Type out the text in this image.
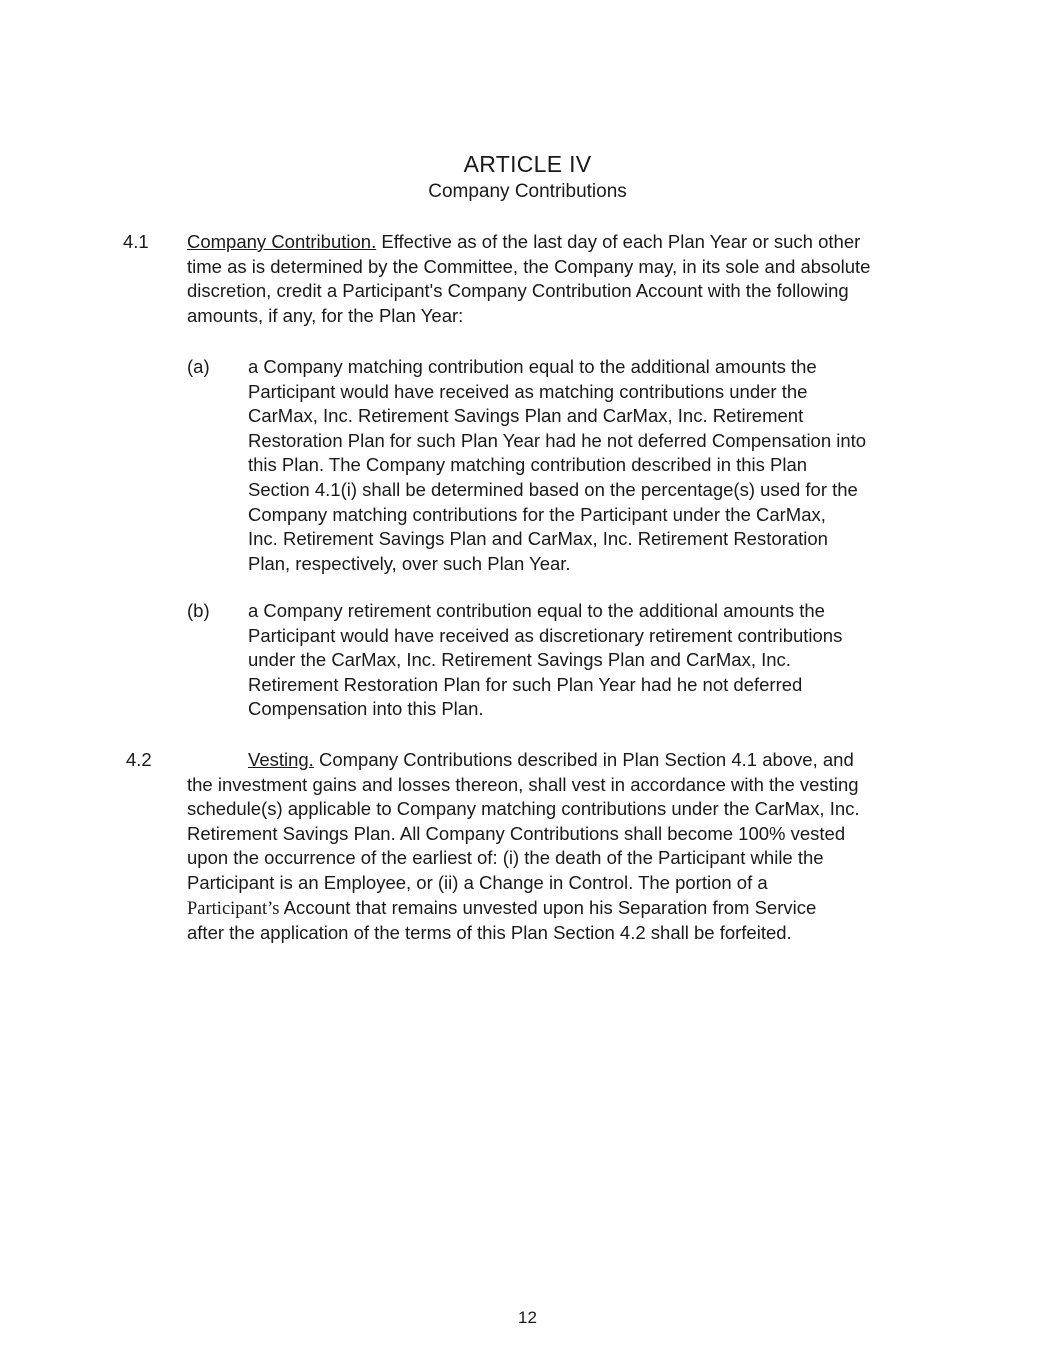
ARTICLE IV
Company Contributions
4.1 Company Contribution. Effective as of the last day of each Plan Year or such other
time as is determined by the Committee, the Company may, in its sole and absolute
discretion, credit a Participant's Company Contribution Account with the following
amounts, if any, for the Plan Year:
(a) a Company matching contribution equal to the additional amounts the
Participant would have received as matching contributions under the
CarMax, Inc. Retirement Savings Plan and CarMax, Inc. Retirement
Restoration Plan for such Plan Year had he not deferred Compensation into
this Plan. The Company matching contribution described in this Plan
Section 4.1(i) shall be determined based on the percentage(s) used for the
Company matching contributions for the Participant under the CarMax,
Inc. Retirement Savings Plan and CarMax, Inc. Retirement Restoration
Plan, respectively, over such Plan Year.
(b) a Company retirement contribution equal to the additional amounts the
Participant would have received as discretionary retirement contributions
under the CarMax, Inc. Retirement Savings Plan and CarMax, Inc.
Retirement Restoration Plan for such Plan Year had he not deferred
Compensation into this Plan.
4.2	Vesting. Company Contributions described in Plan Section 4.1 above, and
the investment gains and losses thereon, shall vest in accordance with the vesting
schedule(s) applicable to Company matching contributions under the CarMax, Inc.
Retirement Savings Plan. All Company Contributions shall become 100% vested
upon the occurrence of the earliest of: (i) the death of the Participant while the
Participant is an Employee, or (ii) a Change in Control. The portion of a
Participant’s Account that remains unvested upon his Separation from Service
after the application of the terms of this Plan Section 4.2 shall be forfeited.
12
